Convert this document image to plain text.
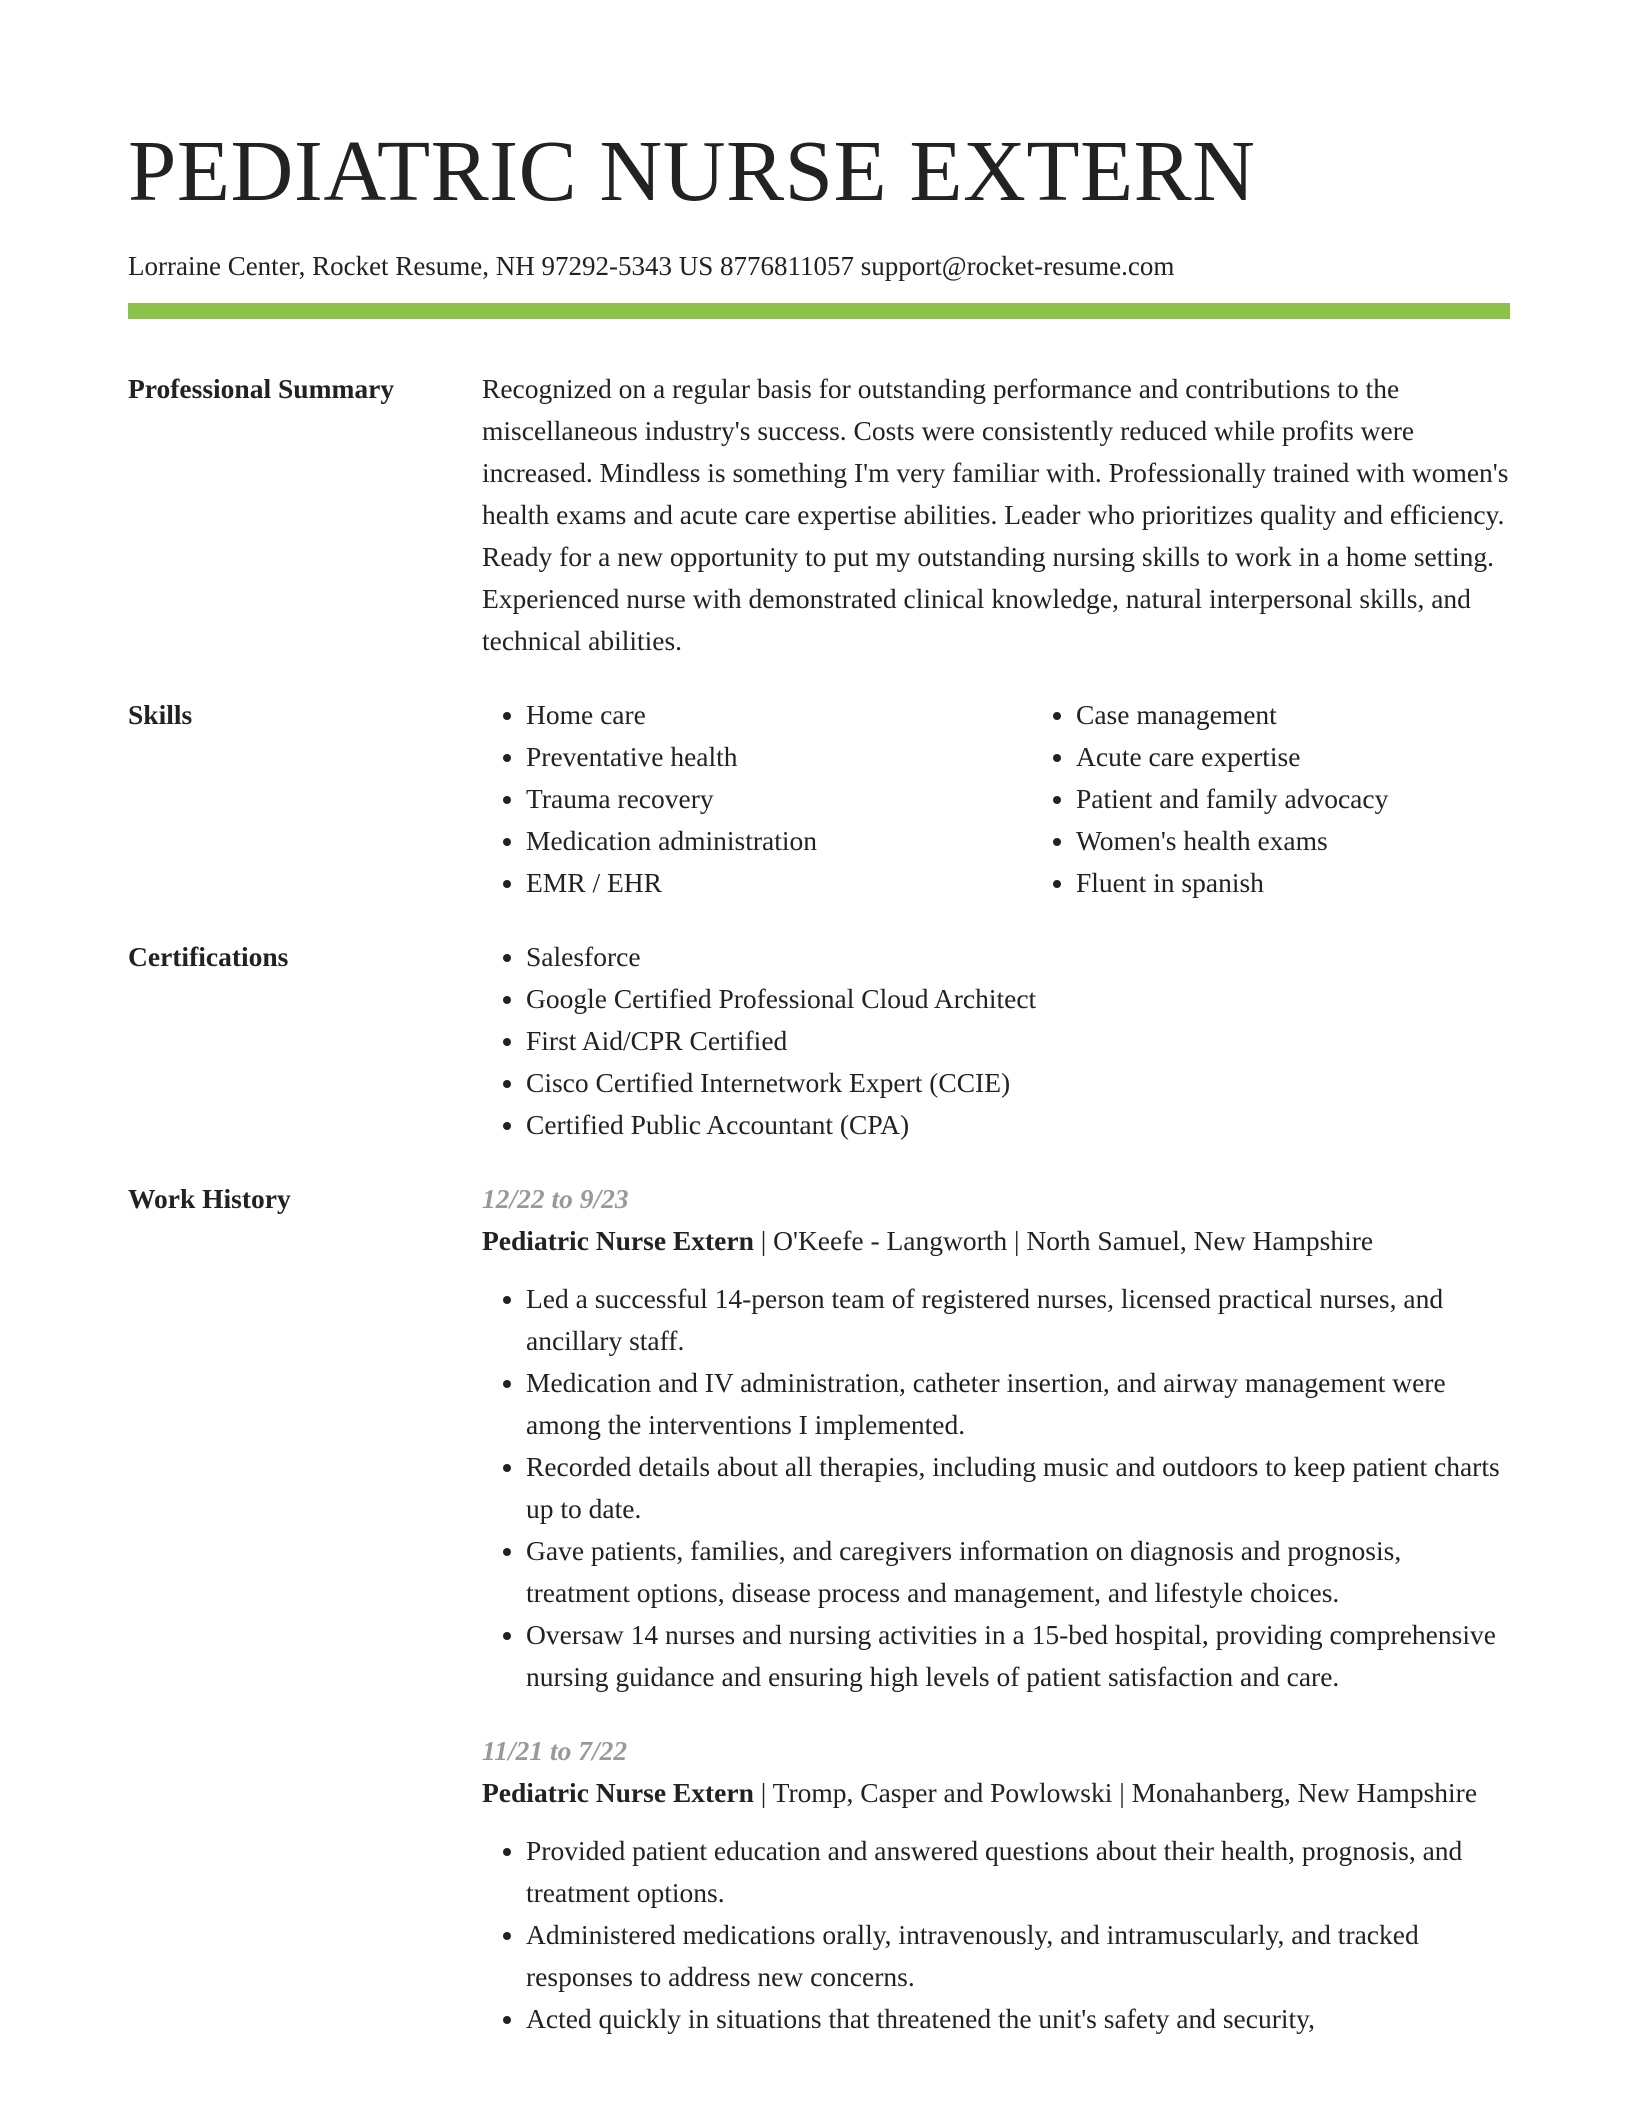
PEDIATRIC NURSE EXTERN
Lorraine Center, Rocket Resume, NH 97292-5343 US 8776811057 support@rocket-resume.com
Professional Summary	Recognized on a regular basis for outstanding performance and contributions to the miscellaneous industry's success. Costs were consistently reduced while profits were increased. Mindless is something I'm very familiar with. Professionally trained with women's health exams and acute care expertise abilities. Leader who prioritizes quality and efficiency. Ready for a new opportunity to put my outstanding nursing skills to work in a home setting. Experienced nurse with demonstrated clinical knowledge, natural interpersonal skills, and technical abilities.
Skills	• Home care
• Preventative health
• Trauma recovery
• Medication administration
• EMR / EHR
• Case management
• Acute care expertise
• Patient and family advocacy
• Women's health exams
• Fluent in spanish
Certifications	• Salesforce
• Google Certified Professional Cloud Architect
• First Aid/CPR Certified
• Cisco Certified Internetwork Expert (CCIE)
• Certified Public Accountant (CPA)
Work History	12/22 to 9/23
Pediatric Nurse Extern | O'Keefe - Langworth | North Samuel, New Hampshire
• Led a successful 14-person team of registered nurses, licensed practical nurses, and ancillary staff.
• Medication and IV administration, catheter insertion, and airway management were among the interventions I implemented.
• Recorded details about all therapies, including music and outdoors to keep patient charts up to date.
• Gave patients, families, and caregivers information on diagnosis and prognosis, treatment options, disease process and management, and lifestyle choices.
• Oversaw 14 nurses and nursing activities in a 15-bed hospital, providing comprehensive nursing guidance and ensuring high levels of patient satisfaction and care.
11/21 to 7/22
Pediatric Nurse Extern | Tromp, Casper and Powlowski | Monahanberg, New Hampshire
• Provided patient education and answered questions about their health, prognosis, and treatment options.
• Administered medications orally, intravenously, and intramuscularly, and tracked responses to address new concerns.
• Acted quickly in situations that threatened the unit's safety and security,
